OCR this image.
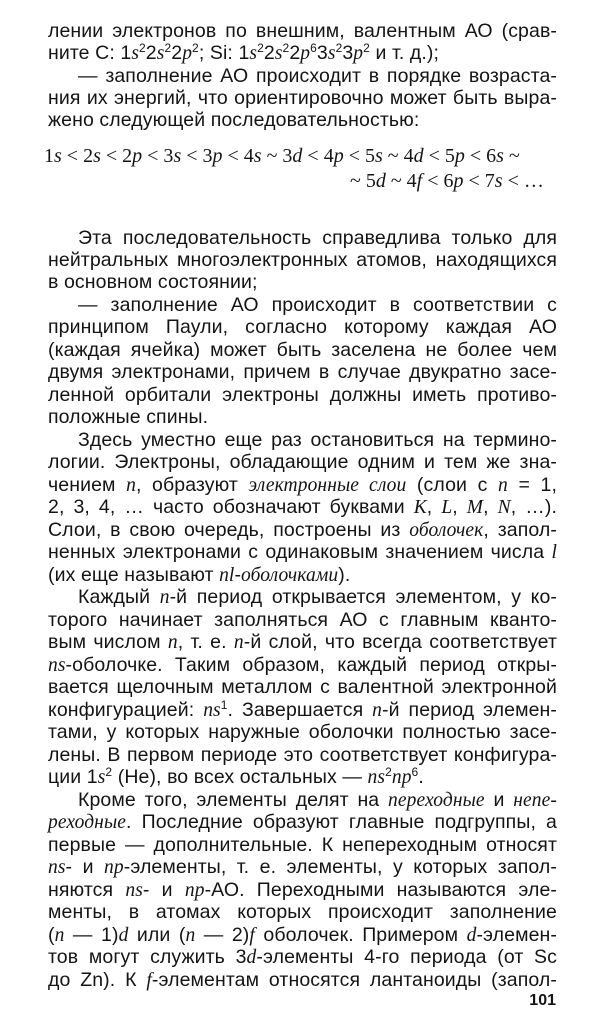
лении электронов по внешним, валентным АО (срав-
ните C: $1s^22s^22p^2$; Si: $1s^22s^22p^63s^23p^2$ и т. д.);
— заполнение АО происходит в порядке возраста-
ния их энергий, что ориентировочно может быть выра-
жено следующей последовательностью:
1s < 2s < 2p < 3s < 3p < 4s ~ 3d < 4p < 5s ~ 4d < 5p < 6s ~
~ 5d ~ 4f < 6p < 7s < …
Эта последовательность справедлива только для
нейтральных многоэлектронных атомов, находящихся
в основном состоянии;
— заполнение АО происходит в соответствии с
принципом Паули, согласно которому каждая АО
(каждая ячейка) может быть заселена не более чем
двумя электронами, причем в случае двукратно засе-
ленной орбитали электроны должны иметь противо-
положные спины.
Здесь уместно еще раз остановиться на термино-
логии. Электроны, обладающие одним и тем же зна-
чением n, образуют электронные слои (слои с n = 1,
2, 3, 4, … часто обозначают буквами K, L, M, N, …).
Слои, в свою очередь, построены из оболочек, запол-
ненных электронами с одинаковым значением числа l
(их еще называют nl-оболочками).
Каждый n-й период открывается элементом, у ко-
торого начинает заполняться АО с главным кванто-
вым числом n, т. е. n-й слой, что всегда соответствует
ns-оболочке. Таким образом, каждый период откры-
вается щелочным металлом с валентной электронной
конфигурацией: $ns^1$. Завершается n-й период элемен-
тами, у которых наружные оболочки полностью засе-
лены. В первом периоде это соответствует конфигура-
ции $1s^2$ (He), во всех остальных — $ns^2np^6$.
Кроме того, элементы делят на переходные и непе-
реходные. Последние образуют главные подгруппы, а
первые — дополнительные. К непереходным относят
ns- и np-элементы, т. е. элементы, у которых запол-
няются ns- и np-АО. Переходными называются эле-
менты, в атомах которых происходит заполнение
(n — 1)d или (n — 2)f оболочек. Примером d-элемен-
тов могут служить 3d-элементы 4-го периода (от Sc
до Zn). К f-элементам относятся лантаноиды (запол-
101
